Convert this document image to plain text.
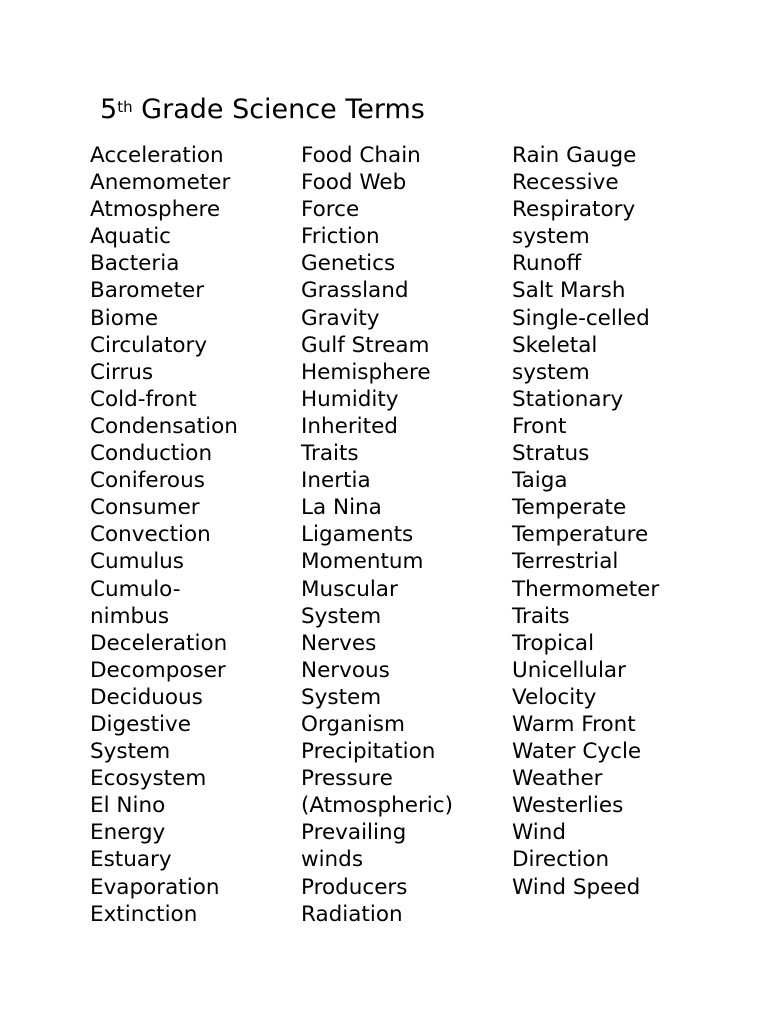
5th Grade Science Terms
Acceleration
Anemometer
Atmosphere
Aquatic
Bacteria
Barometer
Biome
Circulatory
Cirrus
Cold-front
Condensation
Conduction
Coniferous
Consumer
Convection
Cumulus
Cumulo-
nimbus
Deceleration
Decomposer
Deciduous
Digestive
System
Ecosystem
El Nino
Energy
Estuary
Evaporation
Extinction
Food Chain
Food Web
Force
Friction
Genetics
Grassland
Gravity
Gulf Stream
Hemisphere
Humidity
Inherited
Traits
Inertia
La Nina
Ligaments
Momentum
Muscular
System
Nerves
Nervous
System
Organism
Precipitation
Pressure
(Atmospheric)
Prevailing
winds
Producers
Radiation
Rain Gauge
Recessive
Respiratory
system
Runoff
Salt Marsh
Single-celled
Skeletal
system
Stationary
Front
Stratus
Taiga
Temperate
Temperature
Terrestrial
Thermometer
Traits
Tropical
Unicellular
Velocity
Warm Front
Water Cycle
Weather
Westerlies
Wind
Direction
Wind Speed
